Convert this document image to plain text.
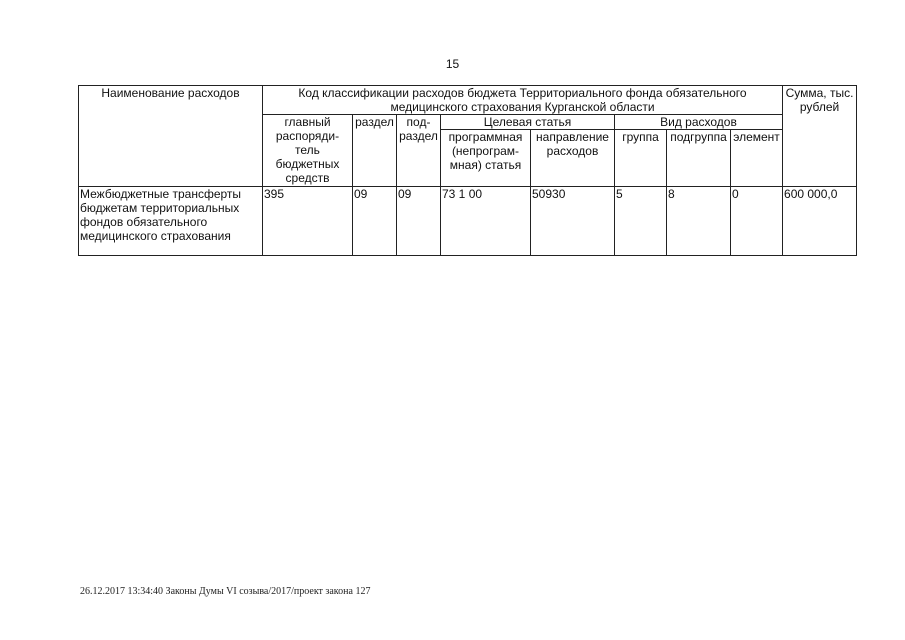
15
Наименование расходов	Код классификации расходов бюджета Территориального фонда обязательного медицинского страхования Курганской области								Сумма, тыс. рублей
	главный распоряди-тель бюджетных средств	раздел	под-раздел	Целевая статья		Вид расходов			
				программная (непрограм-мная) статья	направление расходов	группа	подгруппа	элемент	
Межбюджетные трансферты бюджетам территориальных фондов обязательного медицинского страхования	395	09	09	73 1 00	50930	5	8	0	600 000,0
26.12.2017 13:34:40 Законы Думы VI созыва/2017/проект закона 127
